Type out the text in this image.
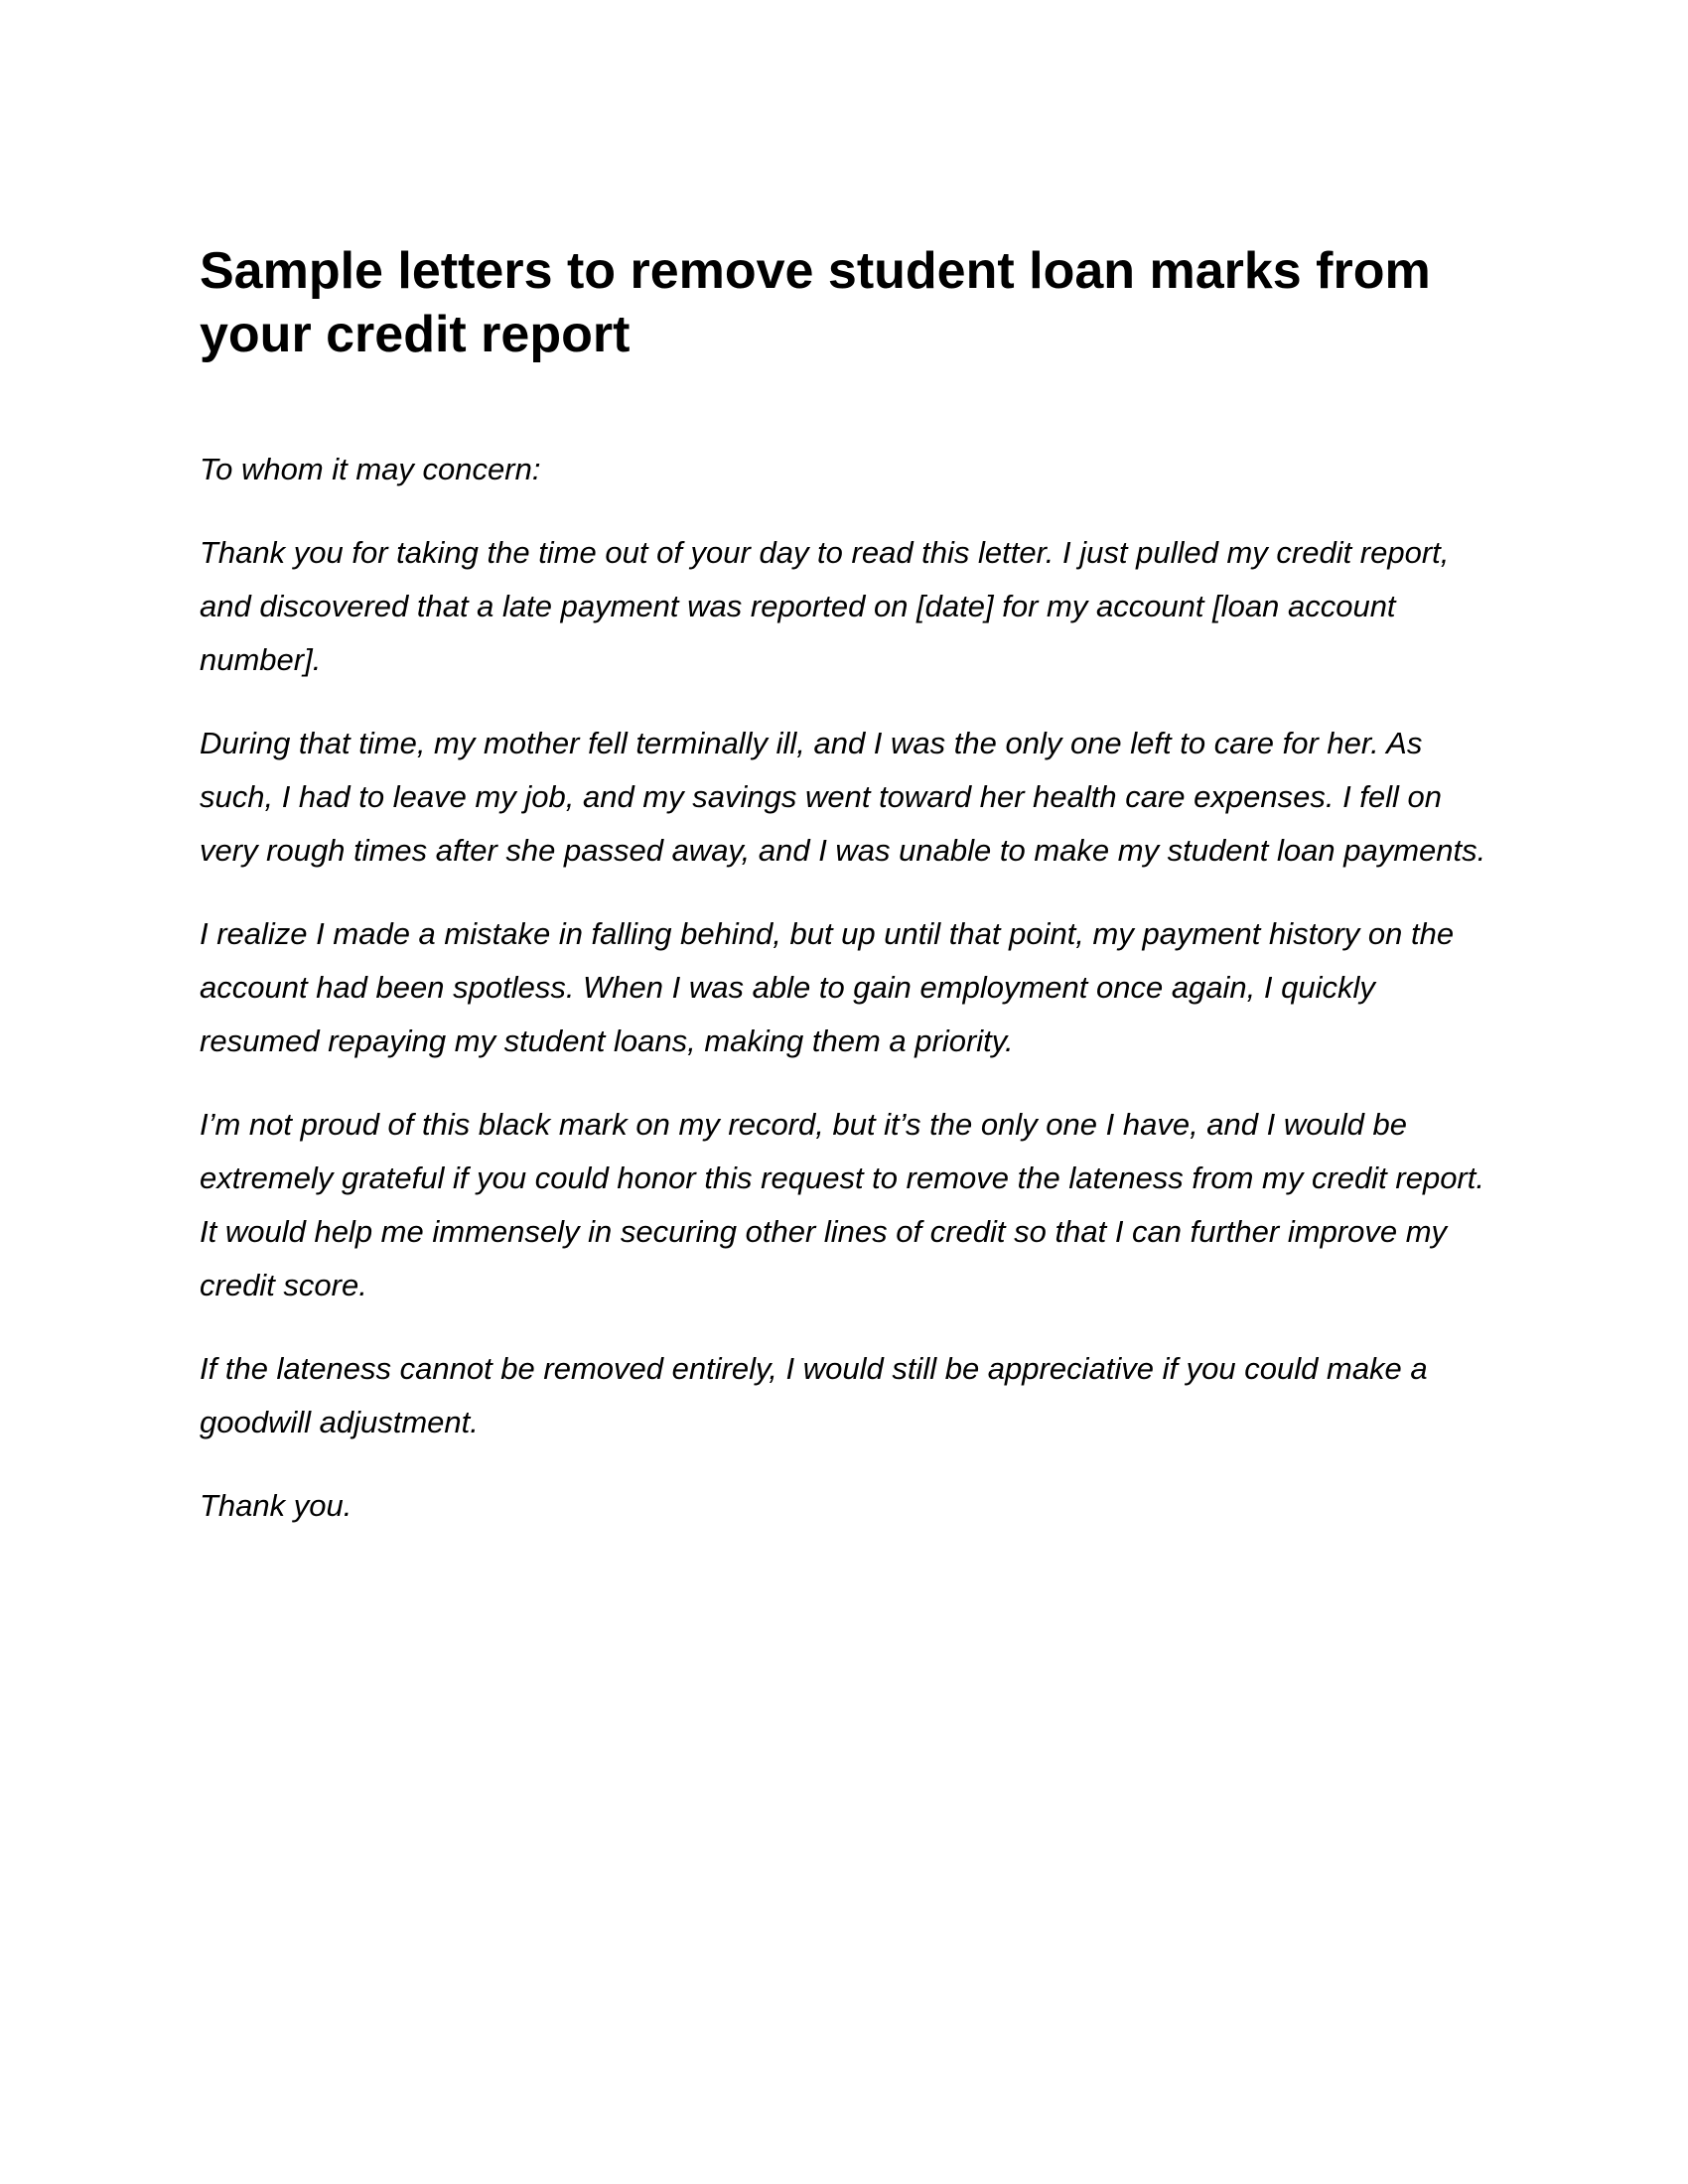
Sample letters to remove student loan marks from your credit report

To whom it may concern:

Thank you for taking the time out of your day to read this letter. I just pulled my credit report, and discovered that a late payment was reported on [date] for my account [loan account number].

During that time, my mother fell terminally ill, and I was the only one left to care for her. As such, I had to leave my job, and my savings went toward her health care expenses. I fell on very rough times after she passed away, and I was unable to make my student loan payments.

I realize I made a mistake in falling behind, but up until that point, my payment history on the account had been spotless. When I was able to gain employment once again, I quickly resumed repaying my student loans, making them a priority.

I’m not proud of this black mark on my record, but it’s the only one I have, and I would be extremely grateful if you could honor this request to remove the lateness from my credit report. It would help me immensely in securing other lines of credit so that I can further improve my credit score.

If the lateness cannot be removed entirely, I would still be appreciative if you could make a goodwill adjustment.

Thank you.
